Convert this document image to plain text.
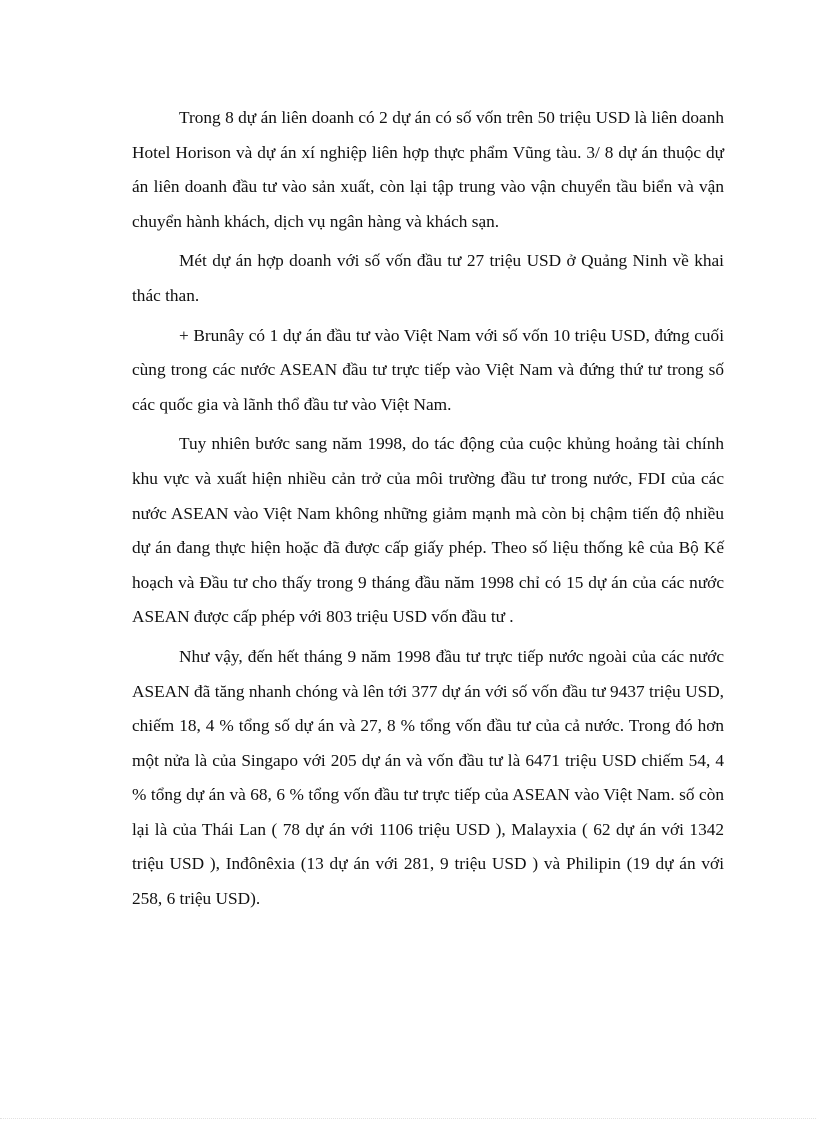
Trong 8 dự án liên doanh có 2 dự án có số vốn trên 50 triệu USD là liên doanh Hotel Horison và dự án xí nghiệp liên hợp thực phẩm Vũng tàu. 3/ 8 dự án thuộc dự án liên doanh đầu tư vào sản xuất, còn lại tập trung vào vận chuyển tầu biển và vận chuyển hành khách, dịch vụ ngân hàng và khách sạn.

Mét dự án hợp doanh với số vốn đầu tư 27 triệu USD ở Quảng Ninh về khai thác than.

+ Brunây có 1 dự án đầu tư vào Việt Nam với số vốn 10 triệu USD, đứng cuối cùng trong các nước ASEAN đầu tư trực tiếp vào Việt Nam và đứng thứ tư trong số các quốc gia và lãnh thổ đầu tư vào Việt Nam.

Tuy nhiên bước sang năm 1998, do tác động của cuộc khủng hoảng tài chính khu vực và xuất hiện nhiều cản trở của môi trường đầu tư trong nước, FDI của các nước ASEAN vào Việt Nam không những giảm mạnh mà còn bị chậm tiến độ nhiều dự án đang thực hiện hoặc đã được cấp giấy phép. Theo số liệu thống kê của Bộ Kế hoạch và Đầu tư cho thấy trong 9 tháng đầu năm 1998 chỉ có 15 dự án của các nước ASEAN được cấp phép với 803 triệu USD vốn đầu tư .

Như vậy, đến hết tháng 9 năm 1998 đầu tư trực tiếp nước ngoài của các nước ASEAN đã tăng nhanh chóng và lên tới 377 dự án với số vốn đầu tư 9437 triệu USD, chiếm 18, 4 % tổng số dự án và 27, 8 % tổng vốn đầu tư của cả nước. Trong đó hơn một nửa là của Singapo với 205 dự án và vốn đầu tư là 6471 triệu USD chiếm 54, 4 % tổng dự án và 68, 6 % tổng vốn đầu tư trực tiếp của ASEAN vào Việt Nam. số còn lại là của Thái Lan ( 78 dự án với 1106 triệu USD ), Malayxia ( 62 dự án với 1342 triệu USD ), Inđônêxia (13 dự án với 281, 9 triệu USD ) và Philipin (19 dự án với 258, 6 triệu USD).
